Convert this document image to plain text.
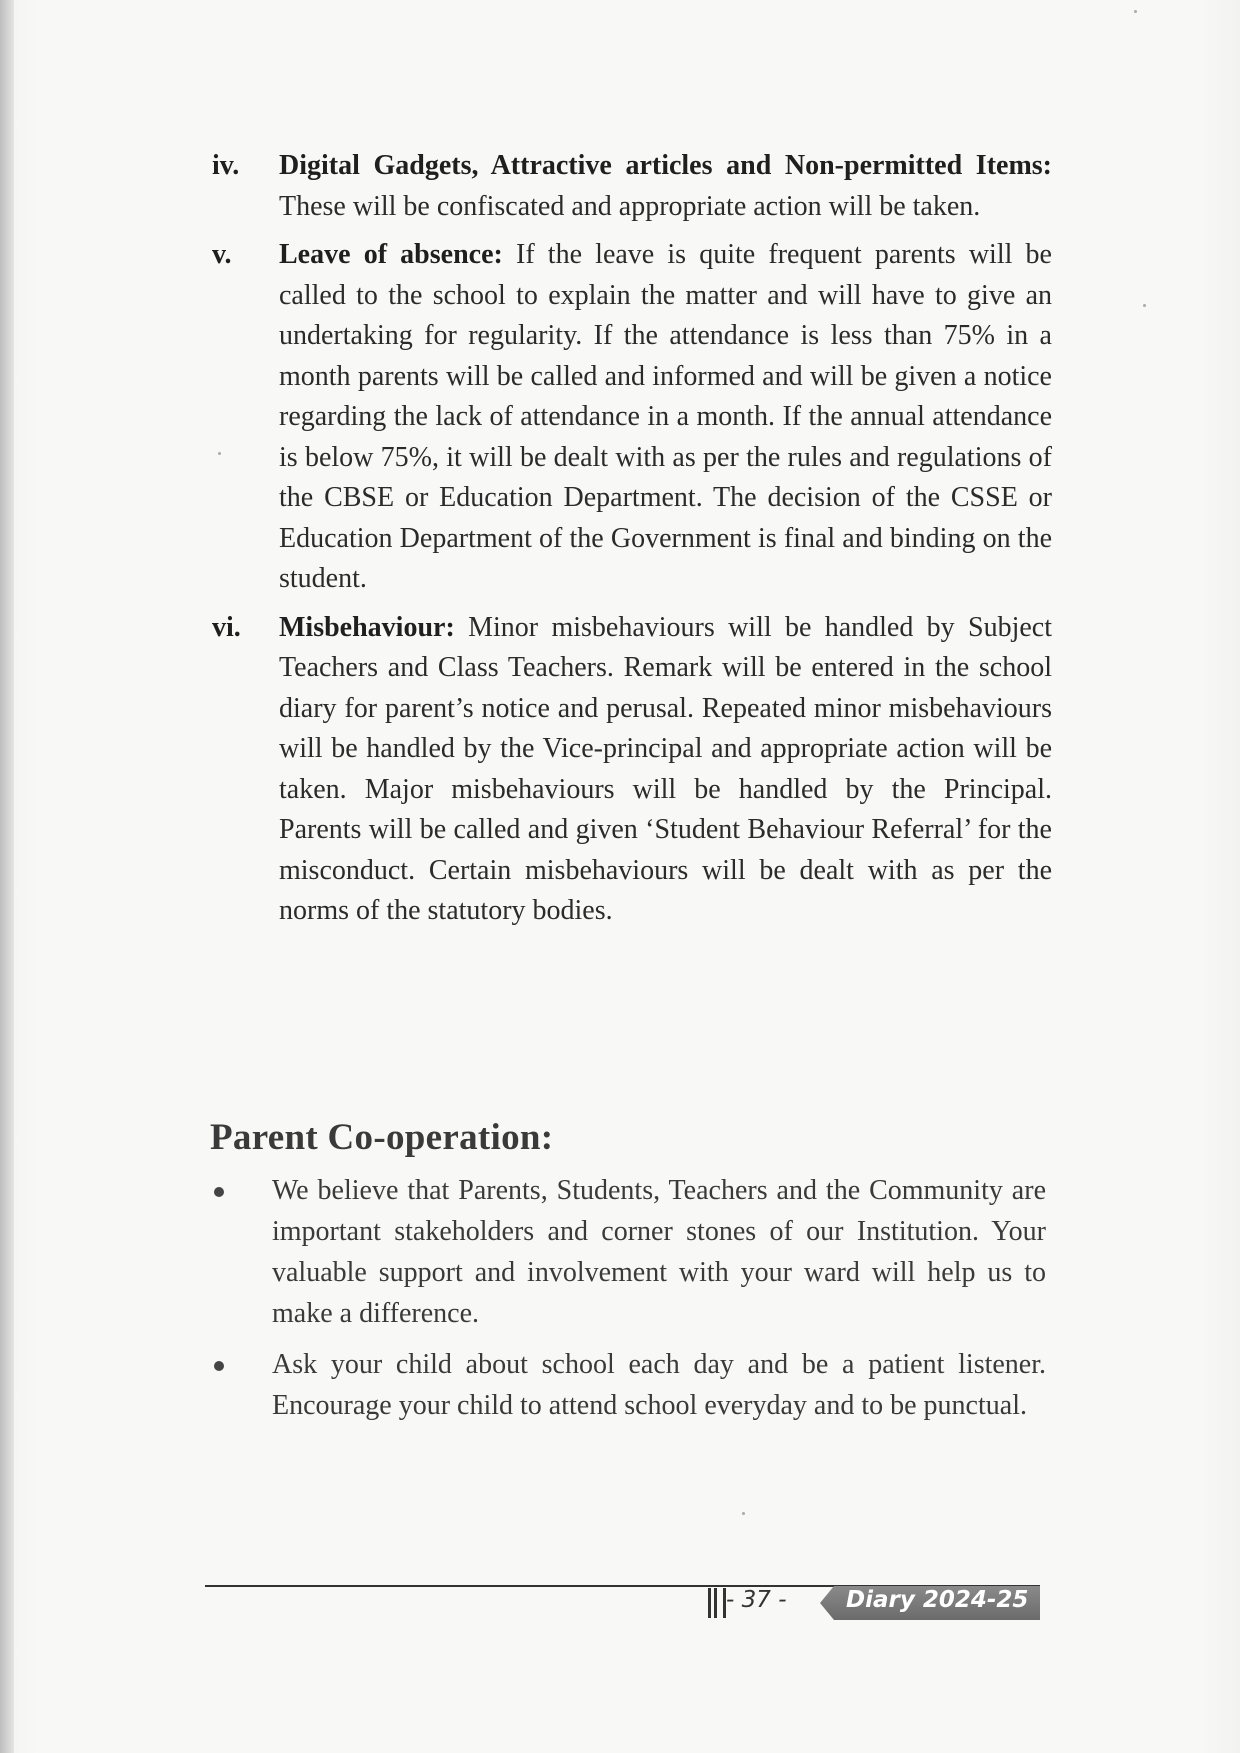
iv. Digital Gadgets, Attractive articles and Non-permitted Items: These will be confiscated and appropriate action will be taken.
v. Leave of absence: If the leave is quite frequent parents will be called to the school to explain the matter and will have to give an undertaking for regularity. If the attendance is less than 75% in a month parents will be called and informed and will be given a notice regarding the lack of attendance in a month. If the annual attendance is below 75%, it will be dealt with as per the rules and regulations of the CBSE or Education Department. The decision of the CSSE or Education Department of the Government is final and binding on the student.
vi. Misbehaviour: Minor misbehaviours will be handled by Subject Teachers and Class Teachers. Remark will be entered in the school diary for parent’s notice and perusal. Repeated minor misbehaviours will be handled by the Vice-principal and appropriate action will be taken. Major misbehaviours will be handled by the Principal. Parents will be called and given ‘Student Behaviour Referral’ for the misconduct. Certain misbehaviours will be dealt with as per the norms of the statutory bodies.
Parent Co-operation:
We believe that Parents, Students, Teachers and the Community are important stakeholders and corner stones of our Institution. Your valuable support and involvement with your ward will help us to make a difference.
Ask your child about school each day and be a patient listener. Encourage your child to attend school everyday and to be punctual.
- 37 -	Diary 2024-25
